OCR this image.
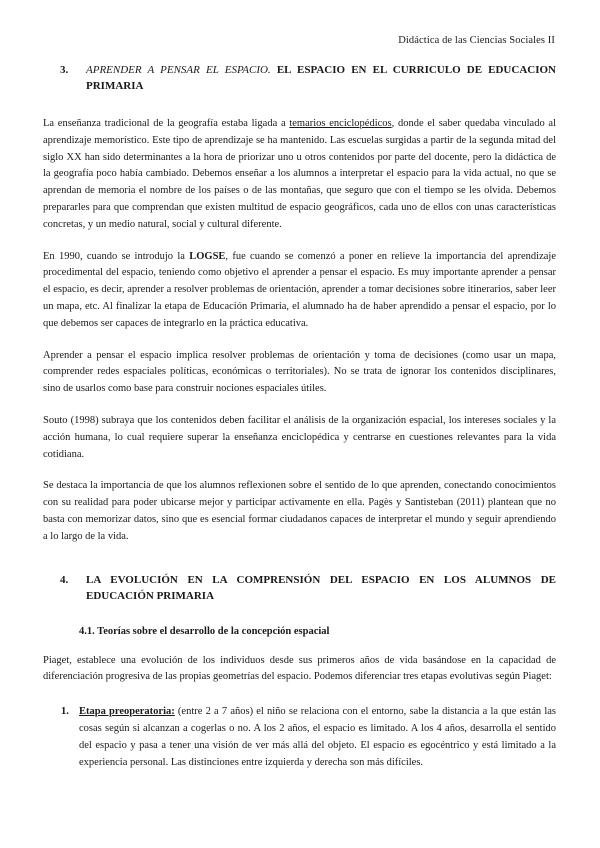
Didáctica de las Ciencias Sociales II
3.	APRENDER A PENSAR EL ESPACIO. EL ESPACIO EN EL CURRICULO DE EDUCACION PRIMARIA

La enseñanza tradicional de la geografía estaba ligada a temarios enciclopédicos, donde el saber quedaba vinculado al aprendizaje memorístico. Este tipo de aprendizaje se ha mantenido. Las escuelas surgidas a partir de la segunda mitad del siglo XX han sido determinantes a la hora de priorizar uno u otros contenidos por parte del docente, pero la didáctica de la geografía poco había cambiado. Debemos enseñar a los alumnos a interpretar el espacio para la vida actual, no que se aprendan de memoria el nombre de los países o de las montañas, que seguro que con el tiempo se les olvida. Debemos prepararles para que comprendan que existen multitud de espacio geográficos, cada uno de ellos con unas características concretas, y un medio natural, social y cultural diferente.

En 1990, cuando se introdujo la LOGSE, fue cuando se comenzó a poner en relieve la importancia del aprendizaje procedimental del espacio, teniendo como objetivo el aprender a pensar el espacio. Es muy importante aprender a pensar el espacio, es decir, aprender a resolver problemas de orientación, aprender a tomar decisiones sobre itinerarios, saber leer un mapa, etc. Al finalizar la etapa de Educación Primaria, el alumnado ha de haber aprendido a pensar el espacio, por lo que debemos ser capaces de integrarlo en la práctica educativa.

Aprender a pensar el espacio implica resolver problemas de orientación y toma de decisiones (como usar un mapa, comprender redes espaciales políticas, económicas o territoriales). No se trata de ignorar los contenidos disciplinares, sino de usarlos como base para construir nociones espaciales útiles.

Souto (1998) subraya que los contenidos deben facilitar el análisis de la organización espacial, los intereses sociales y la acción humana, lo cual requiere superar la enseñanza enciclopédica y centrarse en cuestiones relevantes para la vida cotidiana.

Se destaca la importancia de que los alumnos reflexionen sobre el sentido de lo que aprenden, conectando conocimientos con su realidad para poder ubicarse mejor y participar activamente en ella. Pagès y Santisteban (2011) plantean que no basta con memorizar datos, sino que es esencial formar ciudadanos capaces de interpretar el mundo y seguir aprendiendo a lo largo de la vida.

4.	LA EVOLUCIÓN EN LA COMPRENSIÓN DEL ESPACIO EN LOS ALUMNOS DE EDUCACIÓN PRIMARIA
4.1. Teorías sobre el desarrollo de la concepción espacial

Piaget, establece una evolución de los individuos desde sus primeros años de vida basándose en la capacidad de diferenciación progresiva de las propias geometrías del espacio. Podemos diferenciar tres etapas evolutivas según Piaget:

1. Etapa preoperatoria: (entre 2 a 7 años) el niño se relaciona con el entorno, sabe la distancia a la que están las cosas según si alcanzan a cogerlas o no. A los 2 años, el espacio es limitado. A los 4 años, desarrolla el sentido del espacio y pasa a tener una visión de ver más allá del objeto. El espacio es egocéntrico y está limitado a la experiencia personal. Las distinciones entre izquierda y derecha son más difíciles.
